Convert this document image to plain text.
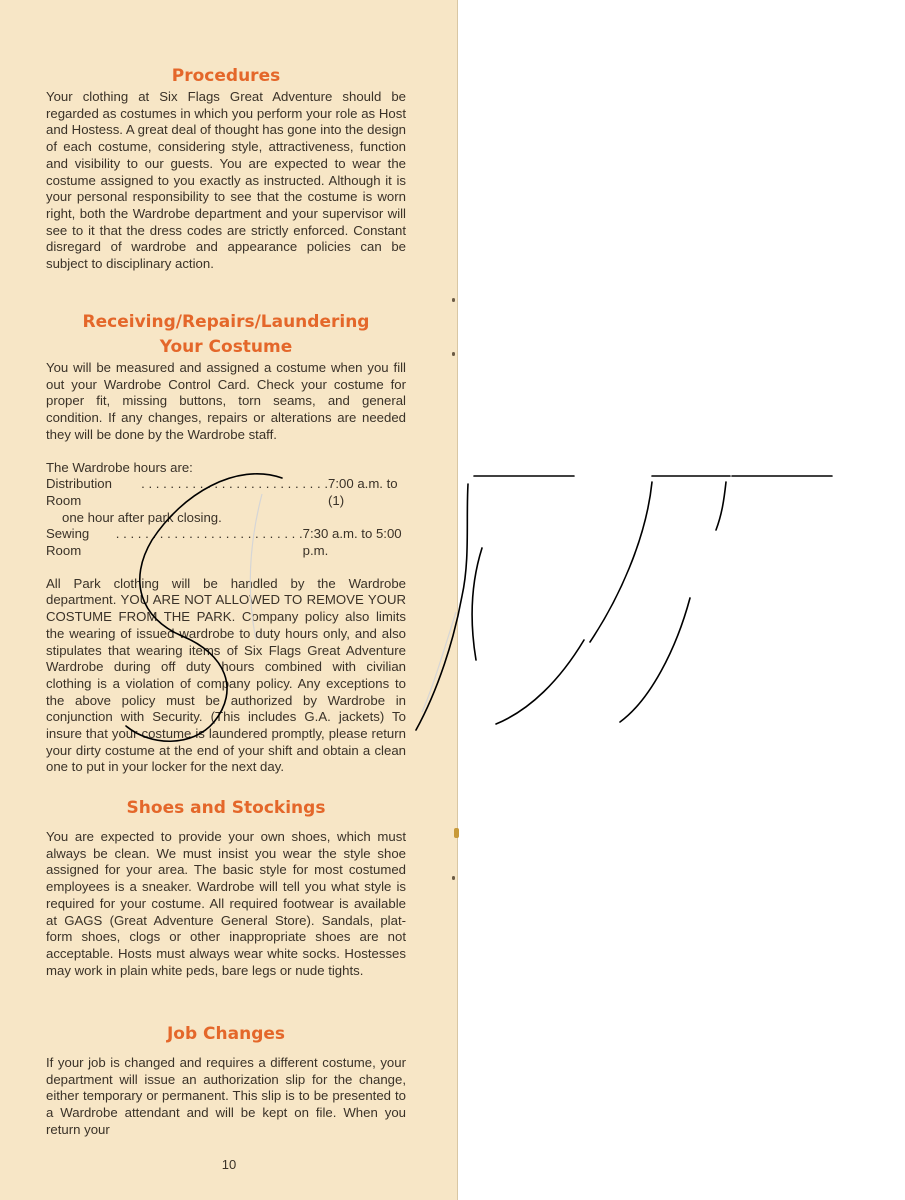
Procedures

Your clothing at Six Flags Great Adventure should be regarded as costumes in which you perform your role as Host and Hostess. A great deal of thought has gone into the design of each costume, considering style, attractiveness, function and visibility to our guests. You are expected to wear the costume assigned to you exactly as instructed. Although it is your personal responsibility to see that the costume is worn right, both the Wardrobe department and your supervisor will see to it that the dress codes are strictly enforced. Constant disregard of wardrobe and appearance policies can be subject to disciplinary action.

Receiving/Repairs/Laundering
Your Costume

You will be measured and assigned a costume when you fill out your Wardrobe Control Card. Check your costume for proper fit, missing buttons, torn seams, and general condition. If any changes, repairs or alterations are needed they will be done by the Wardrobe staff.

The Wardrobe hours are:
Distribution Room
. . . . . . . . . . . . . . . . . . . . . . . . . . 7:00 a.m. to (1)
one hour after park closing.
Sewing Room
. . . . . . . . . . . . . . . . . . . . . . . . . . 7:30 a.m. to 5:00 p.m.

All Park clothing will be handled by the Wardrobe department. YOU ARE NOT ALLOWED TO REMOVE YOUR COSTUME FROM THE PARK. Company policy also limits the wearing of issued wardrobe to duty hours only, and also stipulates that wearing items of Six Flags Great Adventure Wardrobe during off duty hours combined with civilian clothing is a violation of company policy. Any exceptions to the above policy must be authorized by Wardrobe in conjunction with Security. (This includes G.A. jackets) To insure that your costume is laundered promptly, please return your dirty costume at the end of your shift and obtain a clean one to put in your locker for the next day.

Shoes and Stockings

You are expected to provide your own shoes, which must always be clean. We must insist you wear the style shoe assigned for your area. The basic style for most costumed employees is a sneaker. Wardrobe will tell you what style is required for your costume. All required footwear is available at GAGS (Great Adventure General Store). Sandals, plat-form shoes, clogs or other inappropriate shoes are not acceptable. Hosts must always wear white socks. Hostesses may work in plain white peds, bare legs or nude tights.

Job Changes

If your job is changed and requires a different costume, your department will issue an authorization slip for the change, either temporary or permanent. This slip is to be presented to a Wardrobe attendant and will be kept on file. When you return your

10
